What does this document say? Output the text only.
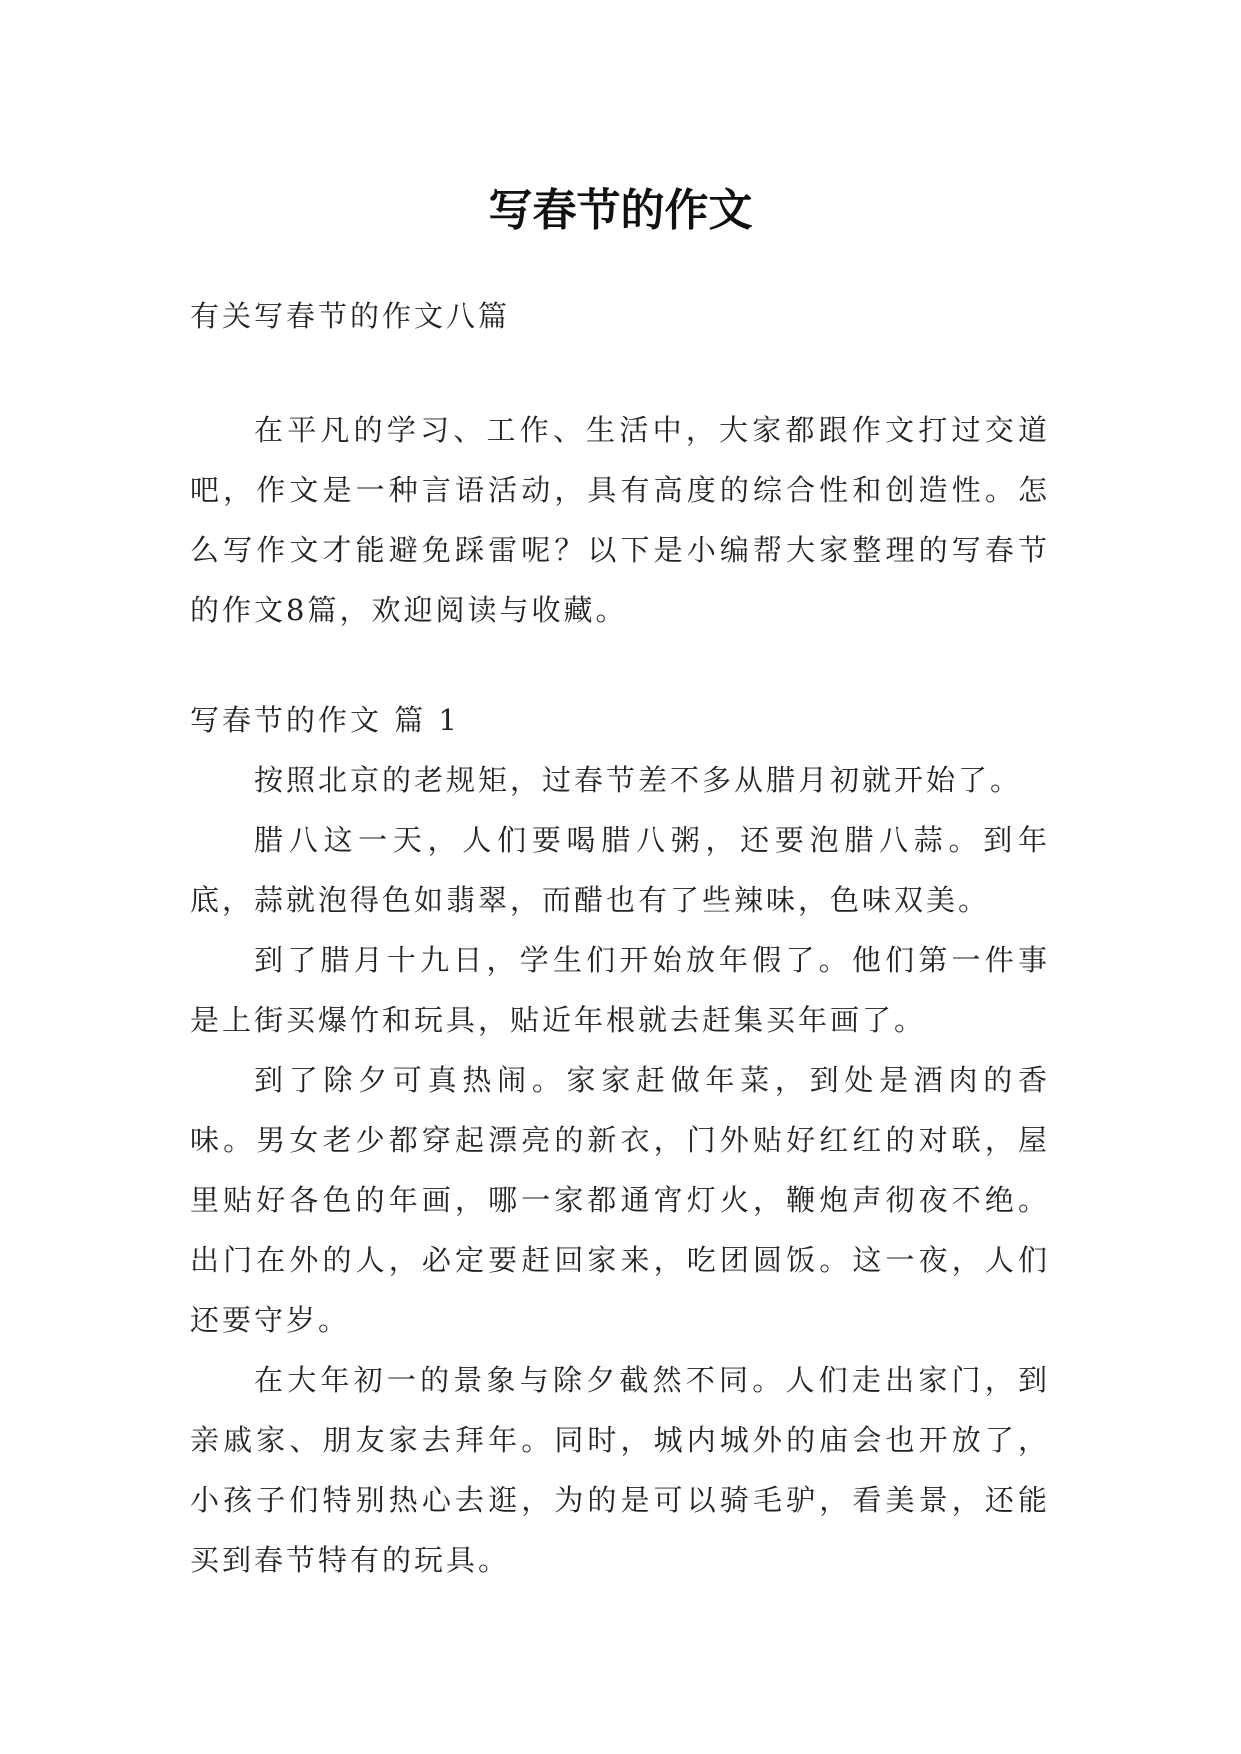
写春节的作文

有关写春节的作文八篇

在平凡的学习、工作、生活中，大家都跟作文打过交道吧，作文是一种言语活动，具有高度的综合性和创造性。怎么写作文才能避免踩雷呢？以下是小编帮大家整理的写春节的作文8篇，欢迎阅读与收藏。

写春节的作文 篇 1

按照北京的老规矩，过春节差不多从腊月初就开始了。

腊八这一天，人们要喝腊八粥，还要泡腊八蒜。到年底，蒜就泡得色如翡翠，而醋也有了些辣味，色味双美。

到了腊月十九日，学生们开始放年假了。他们第一件事是上街买爆竹和玩具，贴近年根就去赶集买年画了。

到了除夕可真热闹。家家赶做年菜，到处是酒肉的香味。男女老少都穿起漂亮的新衣，门外贴好红红的对联，屋里贴好各色的年画，哪一家都通宵灯火，鞭炮声彻夜不绝。出门在外的人，必定要赶回家来，吃团圆饭。这一夜，人们还要守岁。

在大年初一的景象与除夕截然不同。人们走出家门，到亲戚家、朋友家去拜年。同时，城内城外的庙会也开放了，小孩子们特别热心去逛，为的是可以骑毛驴，看美景，还能买到春节特有的玩具。
